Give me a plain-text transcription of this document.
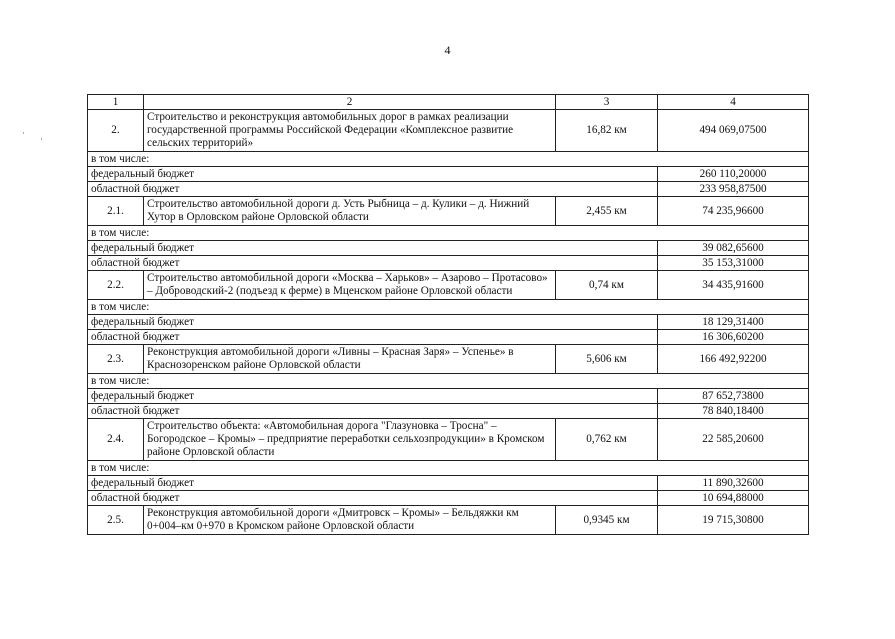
4
·
·
1	2	3	4
2.	Строительство и реконструкция автомобильных дорог в рамках реализации государственной программы Российской Федерации «Комплексное развитие сельских территорий»	16,82 км	494 069,07500
в том числе:			
федеральный бюджет			260 110,20000
областной бюджет			233 958,87500
2.1.	Строительство автомобильной дороги д. Усть Рыбница – д. Кулики – д. Нижний Хутор в Орловском районе Орловской области	2,455 км	74 235,96600
в том числе:			
федеральный бюджет			39 082,65600
областной бюджет			35 153,31000
2.2.	Строительство автомобильной дороги «Москва – Харьков» – Азарово – Протасово» – Доброводский-2 (подъезд к ферме) в Мценском районе Орловской области	0,74 км	34 435,91600
в том числе:			
федеральный бюджет			18 129,31400
областной бюджет			16 306,60200
2.3.	Реконструкция автомобильной дороги «Ливны – Красная Заря» – Успенье» в Краснозоренском районе Орловской области	5,606 км	166 492,92200
в том числе:			
федеральный бюджет			87 652,73800
областной бюджет			78 840,18400
2.4.	Строительство объекта: «Автомобильная дорога "Глазуновка – Тросна" – Богородское – Кромы» – предприятие переработки сельхозпродукции» в Кромском районе Орловской области	0,762 км	22 585,20600
в том числе:			
федеральный бюджет			11 890,32600
областной бюджет			10 694,88000
2.5.	Реконструкция автомобильной дороги «Дмитровск – Кромы» – Бельдяжки км 0+004–км 0+970 в Кромском районе Орловской области	0,9345 км	19 715,30800
